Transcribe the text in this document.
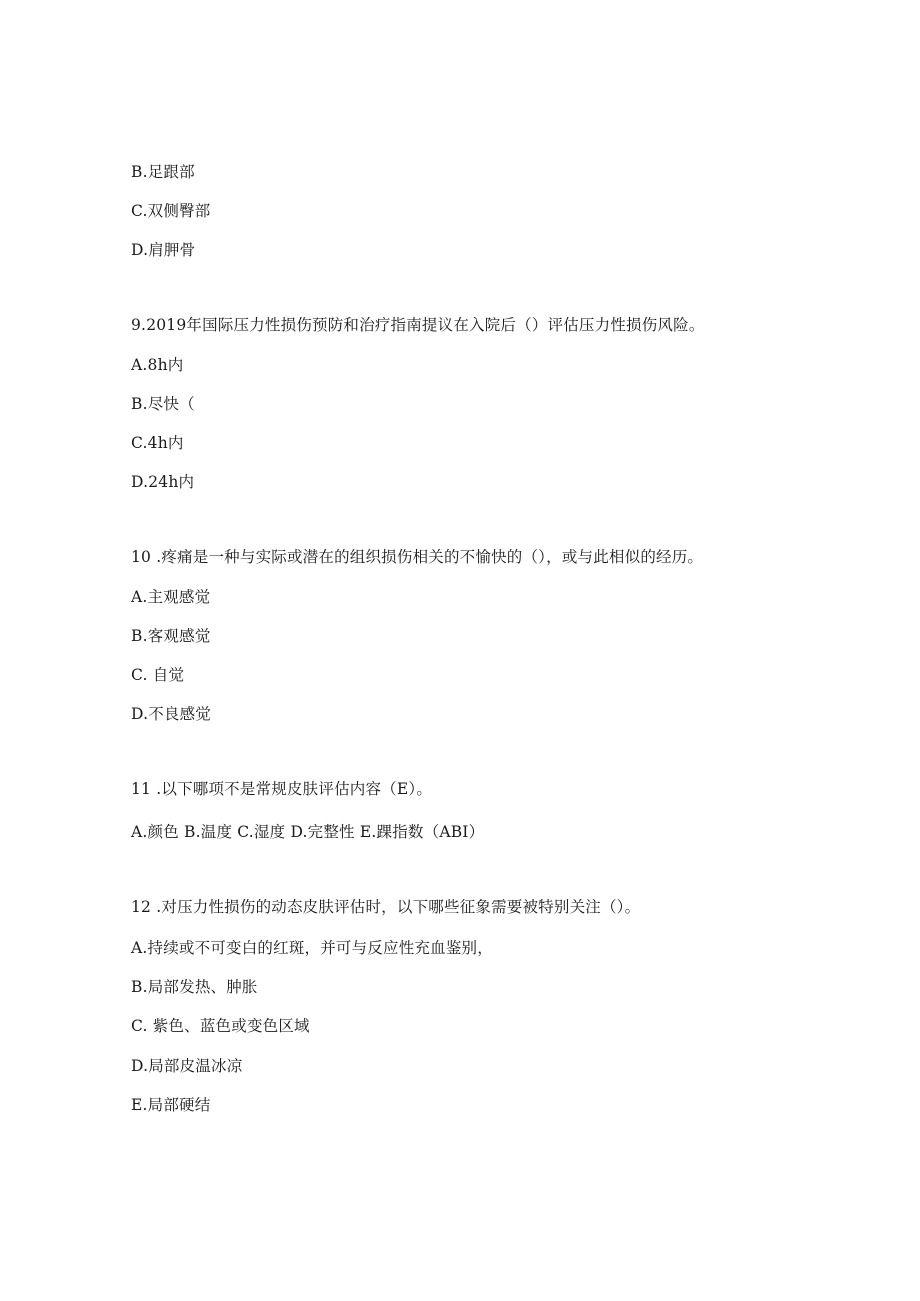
B.足跟部
C.双侧臀部
D.肩胛骨
9.2019年国际压力性损伤预防和治疗指南提议在入院后（）评估压力性损伤风险。
A.8h内
B.尽快（
C.4h内
D.24h内
10 .疼痛是一种与实际或潜在的组织损伤相关的不愉快的（），或与此相似的经历。
A.主观感觉
B.客观感觉
C. 自觉
D.不良感觉
11 .以下哪项不是常规皮肤评估内容（E）。
A.颜色 B.温度 C.湿度 D.完整性 E.踝指数（ABI）
12 .对压力性损伤的动态皮肤评估时，以下哪些征象需要被特别关注（）。
A.持续或不可变白的红斑，并可与反应性充血鉴别，
B.局部发热、肿胀
C. 紫色、蓝色或变色区域
D.局部皮温冰凉
E.局部硬结
